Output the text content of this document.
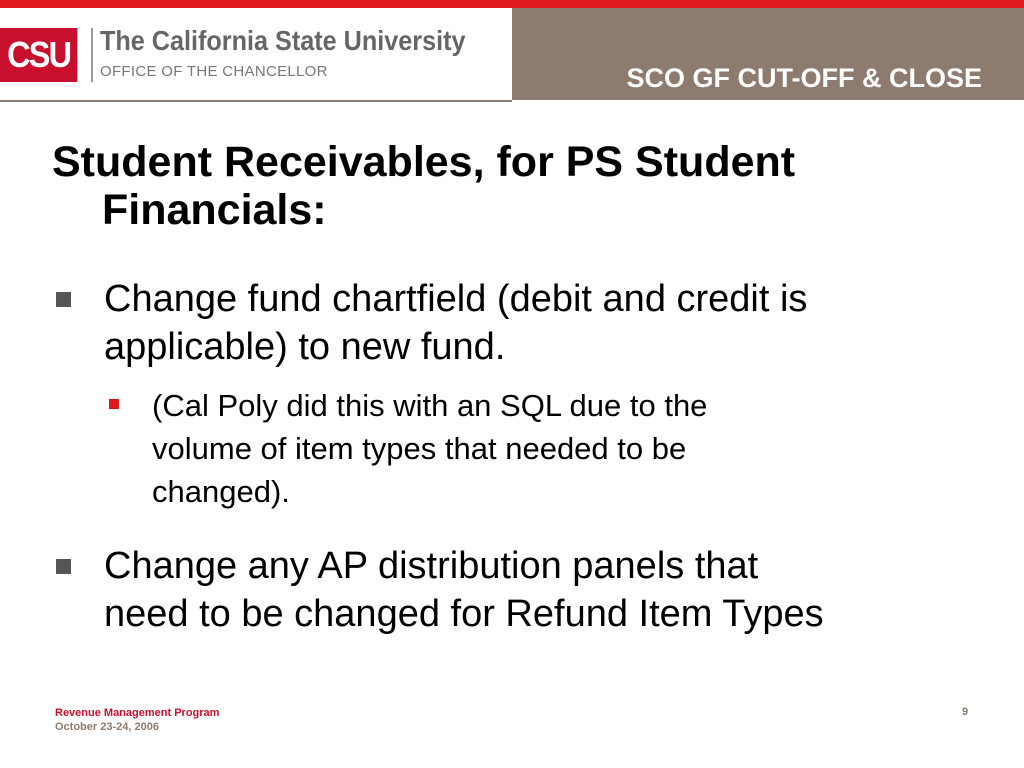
CSU The California State University
OFFICE OF THE CHANCELLOR	SCO GF CUT-OFF & CLOSE
Student Receivables, for PS Student
Financials:
Change fund chartfield (debit and credit is
applicable) to new fund.
(Cal Poly did this with an SQL due to the
volume of item types that needed to be
changed).
Change any AP distribution panels that
need to be changed for Refund Item Types
Revenue Management Program
October 23-24, 2006
9
